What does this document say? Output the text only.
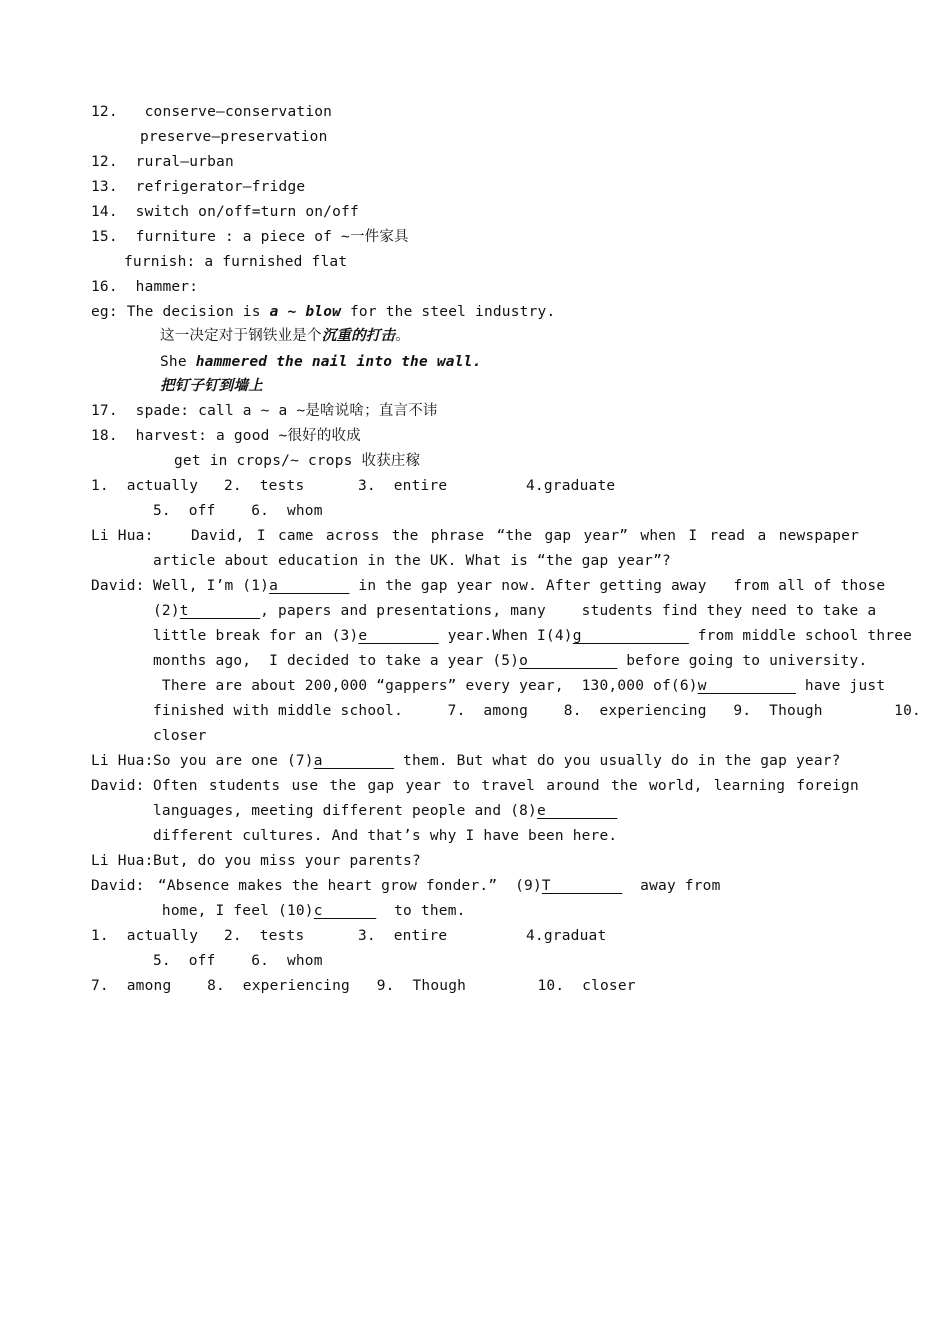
12.   conserve—conservation
preserve—preservation
12.  rural—urban
13.  refrigerator—fridge
14.  switch on/off=turn on/off
15.  furniture : a piece of ~一件家具
furnish: a furnished flat
16.  hammer:
eg: The decision is a ~ blow for the steel industry.
这一决定对于钢铁业是个沉重的打击。
She hammered the nail into the wall.
把钉子钉到墙上
17.  spade: call a ~ a ~是啥说啥；直言不讳
18.  harvest: a good ~很好的收成
get in crops/~ crops 收获庄稼
1.  actually 2.  tests	3.  entire	4.graduate
5.  off    6.  whom
Li Hua:	David, I came across the phrase “the gap year” when I read a newspaper
article about education in the UK. What is “the gap year”?
David: Well, I’m (1)a________ in the gap year now. After getting away   from all of those
(2)t________, papers and presentations, many    students find they need to take a
little break for an (3)e________ year.When I(4)g____________ from middle school three
months ago,  I decided to take a year (5)o__________ before going to university.
There are about 200,000 “gappers” every year,  130,000 of(6)w__________ have just
finished with middle school.     7.  among    8.  experiencing   9.  Though        10.
closer
Li Hua: So you are one (7)a________ them. But what do you usually do in the gap year?
David: Often students use the gap year to travel around the world, learning foreign
languages, meeting different people and (8)e________
different cultures. And that’s why I have been here.
Li Hua: But, do you miss your parents?
David: “Absence makes the heart grow fonder.”  (9)T________  away from
home, I feel (10)c______  to them.
1.  actually 2.  tests	3.  entire	4.graduat
5.  off    6.  whom
7.  among    8.  experiencing   9.  Though        10.  closer
